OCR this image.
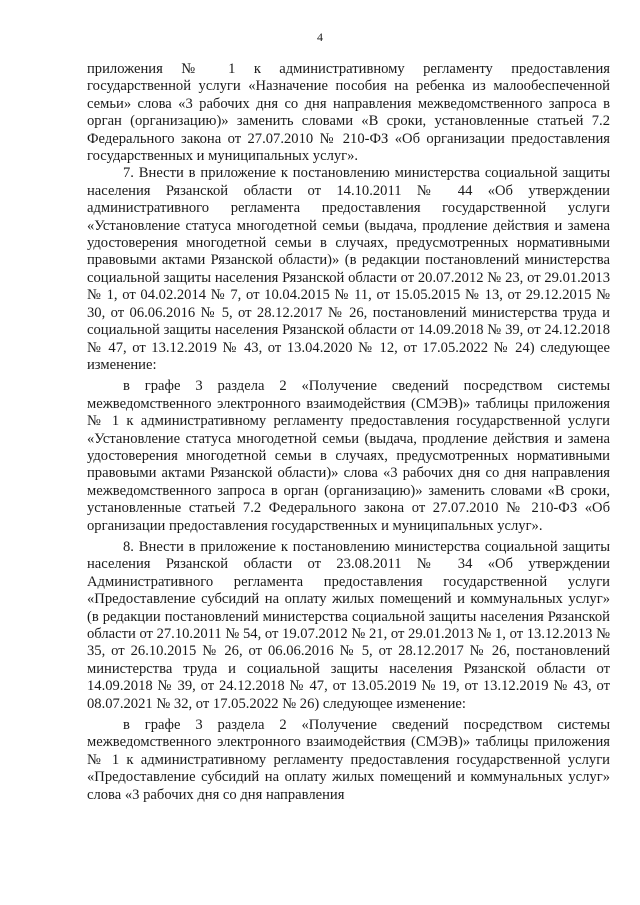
4

приложения № 1 к административному регламенту предоставления государственной услуги «Назначение пособия на ребенка из малообеспеченной семьи» слова «3 рабочих дня со дня направления межведомственного запроса в орган (организацию)» заменить словами «В сроки, установленные статьей 7.2 Федерального закона от 27.07.2010 № 210-ФЗ «Об организации предоставления государственных и муниципальных услуг».

7. Внести в приложение к постановлению министерства социальной защиты населения Рязанской области от 14.10.2011 № 44 «Об утверждении административного регламента предоставления государственной услуги «Установление статуса многодетной семьи (выдача, продление действия и замена удостоверения многодетной семьи в случаях, предусмотренных нормативными правовыми актами Рязанской области)» (в редакции постановлений министерства социальной защиты населения Рязанской области от 20.07.2012 № 23, от 29.01.2013 № 1, от 04.02.2014 № 7, от 10.04.2015 № 11, от 15.05.2015 № 13, от 29.12.2015 № 30, от 06.06.2016 № 5, от 28.12.2017 № 26, постановлений министерства труда и социальной защиты населения Рязанской области от 14.09.2018 № 39, от 24.12.2018 № 47, от 13.12.2019 № 43, от 13.04.2020 № 12, от 17.05.2022 № 24) следующее изменение:

в графе 3 раздела 2 «Получение сведений посредством системы межведомственного электронного взаимодействия (СМЭВ)» таблицы приложения № 1 к административному регламенту предоставления государственной услуги «Установление статуса многодетной семьи (выдача, продление действия и замена удостоверения многодетной семьи в случаях, предусмотренных нормативными правовыми актами Рязанской области)» слова «3 рабочих дня со дня направления межведомственного запроса в орган (организацию)» заменить словами «В сроки, установленные статьей 7.2 Федерального закона от 27.07.2010 № 210-ФЗ «Об организации предоставления государственных и муниципальных услуг».

8. Внести в приложение к постановлению министерства социальной защиты населения Рязанской области от 23.08.2011 № 34 «Об утверждении Административного регламента предоставления государственной услуги «Предоставление субсидий на оплату жилых помещений и коммунальных услуг» (в редакции постановлений министерства социальной защиты населения Рязанской области от 27.10.2011 № 54, от 19.07.2012 № 21, от 29.01.2013 № 1, от 13.12.2013 № 35, от 26.10.2015 № 26, от 06.06.2016 № 5, от 28.12.2017 № 26, постановлений министерства труда и социальной защиты населения Рязанской области от 14.09.2018 № 39, от 24.12.2018 № 47, от 13.05.2019 № 19, от 13.12.2019 № 43, от 08.07.2021 № 32, от 17.05.2022 № 26) следующее изменение:

в графе 3 раздела 2 «Получение сведений посредством системы межведомственного электронного взаимодействия (СМЭВ)» таблицы приложения № 1 к административному регламенту предоставления государственной услуги «Предоставление субсидий на оплату жилых помещений и коммунальных услуг» слова «3 рабочих дня со дня направления
